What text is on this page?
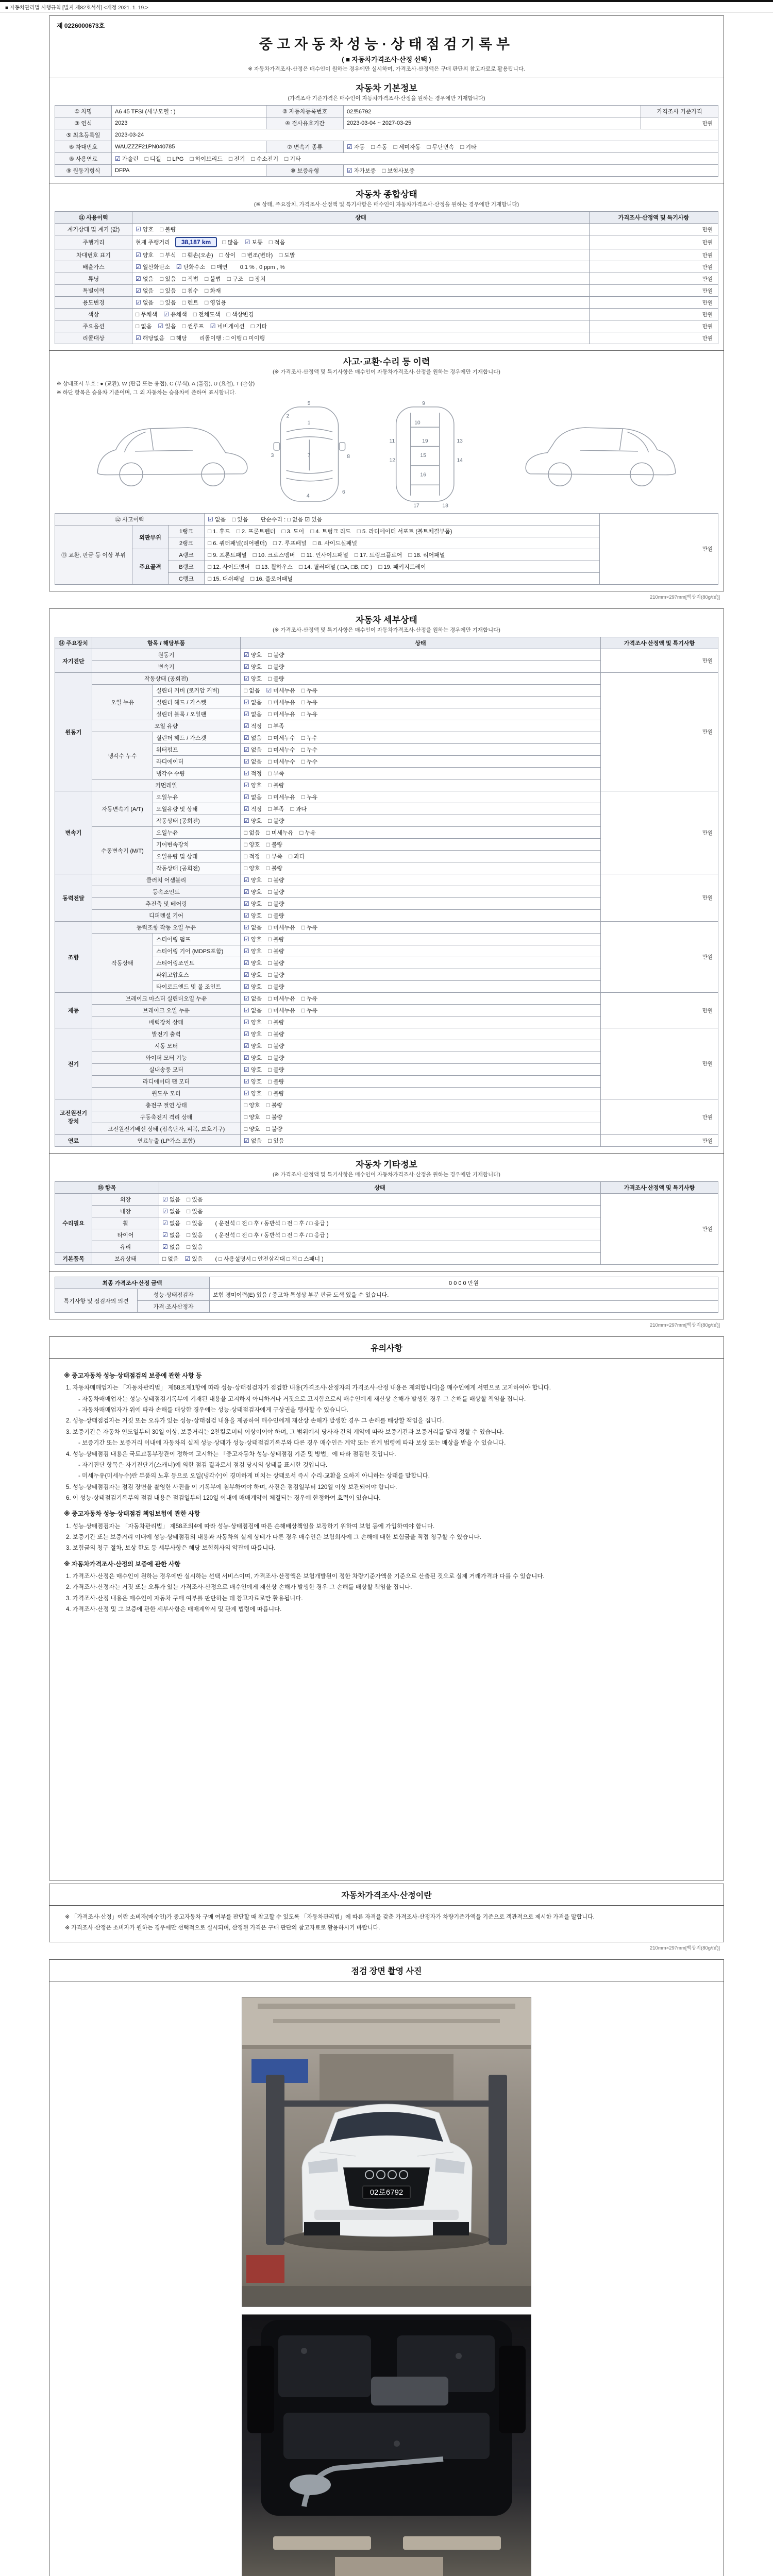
■ 자동차관리법 시행규칙 [별지 제82호서식] <개정 2021. 1. 19.>
제 0226000673호
중고자동차성능·상태점검기록부
( ■ 자동차가격조사·산정 선택 )
※ 자동차가격조사·산정은 매수인이 원하는 경우에만 실시하며, 가격조사·산정액은 구매 판단의 참고자료로 활용됩니다.
자동차 기본정보
(가격조사 기준가격은 매수인이 자동차가격조사·산정을 원하는 경우에만 기재합니다)
① 차명	A6 45 TFSI (세부모델 : )	② 자동차등록번호	02로6792	가격조사 기준가격
③ 연식	2023	④ 검사유효기간	2023-03-04 ~ 2027-03-25	만원
⑤ 최초등록일	2023-03-24			
⑥ 차대번호	WAUZZZF21PN040785	⑦ 변속기 종류	☑ 자동 □ 수동 □ 세미자동 □ 무단변속 □ 기타	
⑧ 사용연료	☑ 가솔린 □ 디젤 □ LPG □ 하이브리드 □ 전기 □ 수소전기 □ 기타			
⑨ 원동기형식	DFPA	⑩ 보증유형	☑ 자가보증 □ 보험사보증	
자동차 종합상태
(※ 상태, 주요장치, 가격조사·산정액 및 특기사항은 매수인이 자동차가격조사·산정을 원하는 경우에만 기재합니다)
⑪ 사용이력	상태	가격조사·산정액 및 특기사항
계기상태 및 계기 (값)	☑ 양호 □ 불량	만원
주행거리	현재 주행거리 38,187 km □ 많음 ☑ 보통 □ 적음	만원
차대번호 표기	☑ 양호 □ 부식 □ 훼손(오손) □ 상이 □ 변조(변타) □ 도말	만원
배출가스	☑ 일산화탄소 ☑ 탄화수소 □ 매연 0.1 % , 0 ppm , %	만원
튜닝	☑ 없음 □ 있음 □ 적법 □ 불법 □ 구조 □ 장치	만원
특별이력	☑ 없음 □ 있음 □ 침수 □ 화재	만원
용도변경	☑ 없음 □ 있음 □ 렌트 □ 영업용	만원
색상	□ 무채색 ☑ 유채색 □ 전체도색 □ 색상변경	만원
주요옵션	□ 없음 ☑ 있음 □ 썬루프 ☑ 네비게이션 □ 기타	만원
리콜대상	☑ 해당없음 □ 해당 리콜이행 : □ 이행 □ 미이행	만원
사고·교환·수리 등 이력
(※ 가격조사·산정액 및 특기사항은 매수인이 자동차가격조사·산정을 원하는 경우에만 기재합니다)
※ 상태표시 부호 : ● (교환), W (판금 또는 용접), C (부식), A (흠집), U (요철), T (손상)
※ 하단 항목은 승용차 기준이며, 그 외 자동차는 승용차에 준하여 표시합니다.
1
2
3
4
5
6
7	8
9
10
11
12
13
14
15
16
17	18
19
⑫ 사고이력			☑ 없음 □ 있음 단순수리 : □ 없음 ☑ 있음	만원
⑬ 교환, 판금 등 이상 부위	외판부위	1랭크	□ 1. 후드 □ 2. 프론트펜더 □ 3. 도어 □ 4. 트렁크 리드 □ 5. 라디에이터 서포트 (볼트체결부품)	
		2랭크	□ 6. 쿼터패널(리어펜더) □ 7. 루프패널 □ 8. 사이드실패널	
	주요골격	A랭크	□ 9. 프론트패널 □ 10. 크로스멤버 □ 11. 인사이드패널 □ 17. 트렁크플로어 □ 18. 리어패널	
		B랭크	□ 12. 사이드멤버 □ 13. 휠하우스 □ 14. 필러패널 ( □A, □B, □C ) □ 19. 패키지트레이	
		C랭크	□ 15. 대쉬패널 □ 16. 플로어패널	
210mm×297mm[백상지(80g/㎡)]
자동차 세부상태
(※ 가격조사·산정액 및 특기사항은 매수인이 자동차가격조사·산정을 원하는 경우에만 기재합니다)
⑭ 주요장치	항목 / 해당부품		상태	가격조사·산정액 및 특기사항
자기진단	원동기		☑ 양호 □ 불량	만원
	변속기		☑ 양호 □ 불량	
원동기	작동상태 (공회전)		☑ 양호 □ 불량	만원
	오일 누유	실린더 커버 (로커암 커버)	□ 없음 ☑ 미세누유 □ 누유	
		실린더 헤드 / 가스켓	☑ 없음 □ 미세누유 □ 누유	
		실린더 블록 / 오일팬	☑ 없음 □ 미세누유 □ 누유	
	오일 유량		☑ 적정 □ 부족	
	냉각수 누수	실린더 헤드 / 가스켓	☑ 없음 □ 미세누수 □ 누수	
		워터펌프	☑ 없음 □ 미세누수 □ 누수	
		라디에이터	☑ 없음 □ 미세누수 □ 누수	
		냉각수 수량	☑ 적정 □ 부족	
	커먼레일		☑ 양호 □ 불량	
변속기	자동변속기 (A/T)	오일누유	☑ 없음 □ 미세누유 □ 누유	만원
		오일유량 및 상태	☑ 적정 □ 부족 □ 과다	
		작동상태 (공회전)	☑ 양호 □ 불량	
	수동변속기 (M/T)	오일누유	□ 없음 □ 미세누유 □ 누유	
		기어변속장치	□ 양호 □ 불량	
		오일유량 및 상태	□ 적정 □ 부족 □ 과다	
		작동상태 (공회전)	□ 양호 □ 불량	
동력전달	클러치 어셈블리		☑ 양호 □ 불량	만원
	등속조인트		☑ 양호 □ 불량	
	추진축 및 베어링		☑ 양호 □ 불량	
	디퍼렌셜 기어		☑ 양호 □ 불량	
조향	동력조향 작동 오일 누유		☑ 없음 □ 미세누유 □ 누유	만원
	작동상태	스티어링 펌프	☑ 양호 □ 불량	
		스티어링 기어 (MDPS포함)	☑ 양호 □ 불량	
		스티어링조인트	☑ 양호 □ 불량	
		파워고압호스	☑ 양호 □ 불량	
		타이로드엔드 및 볼 조인트	☑ 양호 □ 불량	
제동	브레이크 마스터 실린더오일 누유		☑ 없음 □ 미세누유 □ 누유	만원
	브레이크 오일 누유		☑ 없음 □ 미세누유 □ 누유	
	배력장치 상태		☑ 양호 □ 불량	
전기	발전기 출력		☑ 양호 □ 불량	만원
	시동 모터		☑ 양호 □ 불량	
	와이퍼 모터 기능		☑ 양호 □ 불량	
	실내송풍 모터		☑ 양호 □ 불량	
	라디에이터 팬 모터		☑ 양호 □ 불량	
	윈도우 모터		☑ 양호 □ 불량	
고전원전기장치	충전구 절연 상태		□ 양호 □ 불량	만원
	구동축전지 격리 상태		□ 양호 □ 불량	
	고전원전기배선 상태 (접속단자, 피복, 보호기구)		□ 양호 □ 불량	
연료	연료누출 (LP가스 포함)		☑ 없음 □ 있음	만원
자동차 기타정보
(※ 가격조사·산정액 및 특기사항은 매수인이 자동차가격조사·산정을 원하는 경우에만 기재합니다)
⑮ 항목		상태	가격조사·산정액 및 특기사항
수리필요	외장	☑ 없음 □ 있음	만원
	내장	☑ 없음 □ 있음	
	휠	☑ 없음 □ 있음 ( 운전석 □ 전 □ 후 / 동반석 □ 전 □ 후 / □ 응급 )	
	타이어	☑ 없음 □ 있음 ( 운전석 □ 전 □ 후 / 동반석 □ 전 □ 후 / □ 응급 )	
	유리	☑ 없음 □ 있음	
기본품목	보유상태	□ 없음 ☑ 있음 ( □ 사용설명서 □ 안전삼각대 □ 잭 □ 스패너 )	
최종 가격조사·산정 금액		0 0 0 0 만원
특기사항 및 점검자의 의견	성능·상태점검자	보험 경미이력(E) 있음 / 중고차 특성상 부분 판금 도색 있을 수 있습니다.
	가격·조사산정자	
210mm×297mm[백상지(80g/㎡)]
유의사항
※ 중고자동차 성능·상태점검의 보증에 관한 사항 등
1. 자동차매매업자는 「자동차관리법」 제58조제1항에 따라 성능·상태점검자가 점검한 내용(가격조사·산정자의 가격조사·산정 내용은 제외합니다)을 매수인에게 서면으로 고지하여야 합니다.
- 자동차매매업자는 성능·상태점검기록부에 기재된 내용을 고지하지 아니하거나 거짓으로 고지함으로써 매수인에게 재산상 손해가 발생한 경우 그 손해를 배상할 책임을 집니다.
- 자동차매매업자가 위에 따라 손해를 배상한 경우에는 성능·상태점검자에게 구상권을 행사할 수 있습니다.
2. 성능·상태점검자는 거짓 또는 오류가 있는 성능·상태점검 내용을 제공하여 매수인에게 재산상 손해가 발생한 경우 그 손해를 배상할 책임을 집니다.
3. 보증기간은 자동차 인도일부터 30일 이상, 보증거리는 2천킬로미터 이상이어야 하며, 그 범위에서 당사자 간의 계약에 따라 보증기간과 보증거리를 달리 정할 수 있습니다.
- 보증기간 또는 보증거리 이내에 자동차의 실제 성능·상태가 성능·상태점검기록부와 다른 경우 매수인은 계약 또는 관계 법령에 따라 보상 또는 배상을 받을 수 있습니다.
4. 성능·상태점검 내용은 국토교통부장관이 정하여 고시하는 「중고자동차 성능·상태점검 기준 및 방법」에 따라 점검한 것입니다.
- 자기진단 항목은 자기진단기(스캐너)에 의한 점검 결과로서 점검 당시의 상태를 표시한 것입니다.
- 미세누유(미세누수)란 부품의 노후 등으로 오일(냉각수)이 경미하게 비치는 상태로서 즉시 수리·교환을 요하지 아니하는 상태를 말합니다.
5. 성능·상태점검자는 점검 장면을 촬영한 사진을 이 기록부에 첨부하여야 하며, 사진은 점검일부터 120일 이상 보관되어야 합니다.
6. 이 성능·상태점검기록부의 점검 내용은 점검일부터 120일 이내에 매매계약이 체결되는 경우에 한정하여 효력이 있습니다.
※ 중고자동차 성능·상태점검 책임보험에 관한 사항
1. 성능·상태점검자는 「자동차관리법」 제58조의4에 따라 성능·상태점검에 따른 손해배상책임을 보장하기 위하여 보험 등에 가입하여야 합니다.
2. 보증기간 또는 보증거리 이내에 성능·상태점검의 내용과 자동차의 실제 상태가 다른 경우 매수인은 보험회사에 그 손해에 대한 보험금을 직접 청구할 수 있습니다.
3. 보험금의 청구 절차, 보상 한도 등 세부사항은 해당 보험회사의 약관에 따릅니다.
※ 자동차가격조사·산정의 보증에 관한 사항
1. 가격조사·산정은 매수인이 원하는 경우에만 실시하는 선택 서비스이며, 가격조사·산정액은 보험개발원이 정한 차량기준가액을 기준으로 산출된 것으로 실제 거래가격과 다를 수 있습니다.
2. 가격조사·산정자는 거짓 또는 오류가 있는 가격조사·산정으로 매수인에게 재산상 손해가 발생한 경우 그 손해를 배상할 책임을 집니다.
3. 가격조사·산정 내용은 매수인이 자동차 구매 여부를 판단하는 데 참고자료로만 활용됩니다.
4. 가격조사·산정 및 그 보증에 관한 세부사항은 매매계약서 및 관계 법령에 따릅니다.
자동차가격조사·산정이란
※ 「가격조사·산정」이란 소비자(매수인)가 중고자동차 구매 여부를 판단할 때 참고할 수 있도록 「자동차관리법」에 따른 자격을 갖춘 가격조사·산정자가 차량기준가액을 기준으로 객관적으로 제시한 가격을 말합니다.
※ 가격조사·산정은 소비자가 원하는 경우에만 선택적으로 실시되며, 산정된 가격은 구매 판단의 참고자료로 활용하시기 바랍니다.
210mm×297mm[백상지(80g/㎡)]
점검 장면 촬영 사진
02로6792
